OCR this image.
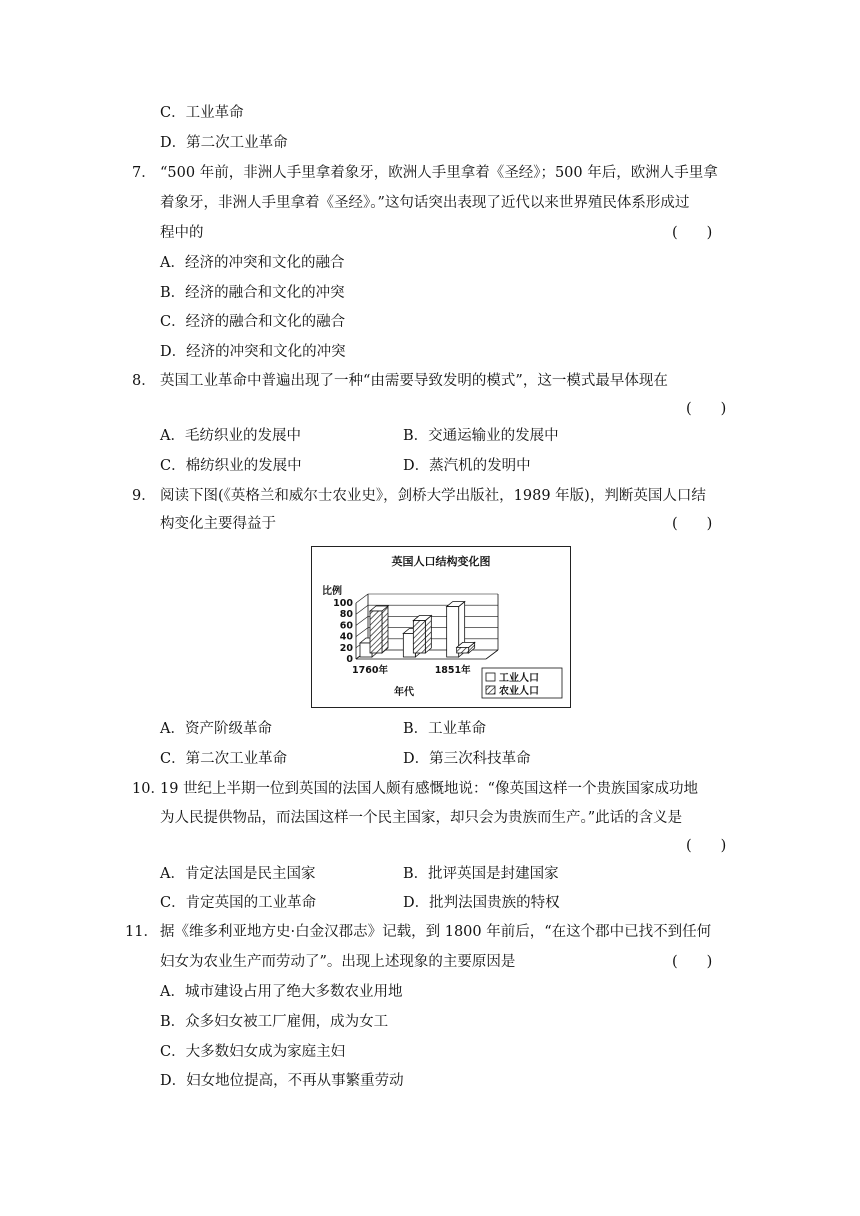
C．工业革命
D．第二次工业革命
7． “500 年前，非洲人手里拿着象牙，欧洲人手里拿着《圣经》；500 年后，欧洲人手里拿
着象牙，非洲人手里拿着《圣经》。”这句话突出表现了近代以来世界殖民体系形成过
程中的	(　　)
A．经济的冲突和文化的融合
B．经济的融合和文化的冲突
C．经济的融合和文化的融合
D．经济的冲突和文化的冲突
8． 英国工业革命中普遍出现了一种“由需要导致发明的模式”，这一模式最早体现在
(　　)
A．毛纺织业的发展中	B．交通运输业的发展中
C．棉纺织业的发展中	D．蒸汽机的发明中
9． 阅读下图(《英格兰和威尔士农业史》，剑桥大学出版社，1989 年版)，判断英国人口结
构变化主要得益于	(　　)
英国人口结构变化图
比例
年代
0
20
40
60
80
100
1760年	1851年
工业人口
农业人口
A．资产阶级革命	B．工业革命
C．第二次工业革命	D．第三次科技革命
10．
19 世纪上半期一位到英国的法国人颇有感慨地说：“像英国这样一个贵族国家成功地
为人民提供物品，而法国这样一个民主国家，却只会为贵族而生产。”此话的含义是
(　　)
A．肯定法国是民主国家	B．批评英国是封建国家
C．肯定英国的工业革命	D．批判法国贵族的特权
11． 据《维多利亚地方史·白金汉郡志》记载，到 1800 年前后，“在这个郡中已找不到任何
妇女为农业生产而劳动了”。出现上述现象的主要原因是	(　　)
A．城市建设占用了绝大多数农业用地
B．众多妇女被工厂雇佣，成为女工
C．大多数妇女成为家庭主妇
D．妇女地位提高，不再从事繁重劳动
